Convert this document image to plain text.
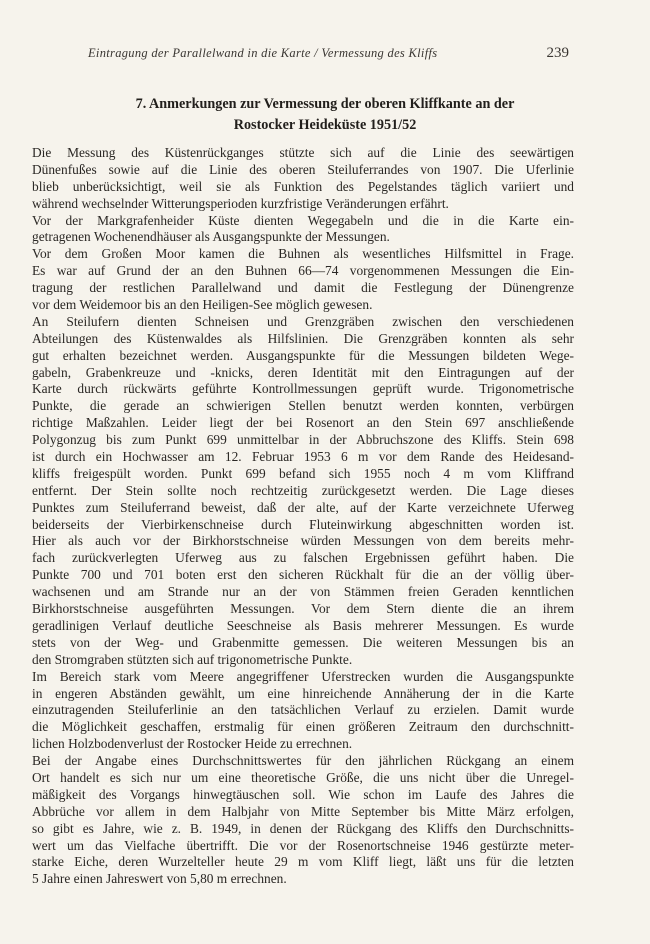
Eintragung der Parallelwand in die Karte / Vermessung des Kliffs	239
7. Anmerkungen zur Vermessung der oberen Kliffkante an der
Rostocker Heideküste 1951/52
Die Messung des Küstenrückganges stützte sich auf die Linie des seewärtigen
Dünenfußes sowie auf die Linie des oberen Steiluferrandes von 1907. Die Uferlinie
blieb unberücksichtigt, weil sie als Funktion des Pegelstandes täglich variiert und
während wechselnder Witterungsperioden kurzfristige Veränderungen erfährt.
Vor der Markgrafenheider Küste dienten Wegegabeln und die in die Karte ein-
getragenen Wochenendhäuser als Ausgangspunkte der Messungen.
Vor dem Großen Moor kamen die Buhnen als wesentliches Hilfsmittel in Frage.
Es war auf Grund der an den Buhnen 66—74 vorgenommenen Messungen die Ein-
tragung der restlichen Parallelwand und damit die Festlegung der Dünengrenze
vor dem Weidemoor bis an den Heiligen-See möglich gewesen.
An Steilufern dienten Schneisen und Grenzgräben zwischen den verschiedenen
Abteilungen des Küstenwaldes als Hilfslinien. Die Grenzgräben konnten als sehr
gut erhalten bezeichnet werden. Ausgangspunkte für die Messungen bildeten Wege-
gabeln, Grabenkreuze und -knicks, deren Identität mit den Eintragungen auf der
Karte durch rückwärts geführte Kontrollmessungen geprüft wurde. Trigonometrische
Punkte, die gerade an schwierigen Stellen benutzt werden konnten, verbürgen
richtige Maßzahlen. Leider liegt der bei Rosenort an den Stein 697 anschließende
Polygonzug bis zum Punkt 699 unmittelbar in der Abbruchszone des Kliffs. Stein 698
ist durch ein Hochwasser am 12. Februar 1953 6 m vor dem Rande des Heidesand-
kliffs freigespült worden. Punkt 699 befand sich 1955 noch 4 m vom Kliffrand
entfernt. Der Stein sollte noch rechtzeitig zurückgesetzt werden. Die Lage dieses
Punktes zum Steiluferrand beweist, daß der alte, auf der Karte verzeichnete Uferweg
beiderseits der Vierbirkenschneise durch Fluteinwirkung abgeschnitten worden ist.
Hier als auch vor der Birkhorstschneise würden Messungen von dem bereits mehr-
fach zurückverlegten Uferweg aus zu falschen Ergebnissen geführt haben. Die
Punkte 700 und 701 boten erst den sicheren Rückhalt für die an der völlig über-
wachsenen und am Strande nur an der von Stämmen freien Geraden kenntlichen
Birkhorstschneise ausgeführten Messungen. Vor dem Stern diente die an ihrem
geradlinigen Verlauf deutliche Seeschneise als Basis mehrerer Messungen. Es wurde
stets von der Weg- und Grabenmitte gemessen. Die weiteren Messungen bis an
den Stromgraben stützten sich auf trigonometrische Punkte.
Im Bereich stark vom Meere angegriffener Uferstrecken wurden die Ausgangspunkte
in engeren Abständen gewählt, um eine hinreichende Annäherung der in die Karte
einzutragenden Steiluferlinie an den tatsächlichen Verlauf zu erzielen. Damit wurde
die Möglichkeit geschaffen, erstmalig für einen größeren Zeitraum den durchschnitt-
lichen Holzbodenverlust der Rostocker Heide zu errechnen.
Bei der Angabe eines Durchschnittswertes für den jährlichen Rückgang an einem
Ort handelt es sich nur um eine theoretische Größe, die uns nicht über die Unregel-
mäßigkeit des Vorgangs hinwegtäuschen soll. Wie schon im Laufe des Jahres die
Abbrüche vor allem in dem Halbjahr von Mitte September bis Mitte März erfolgen,
so gibt es Jahre, wie z. B. 1949, in denen der Rückgang des Kliffs den Durchschnitts-
wert um das Vielfache übertrifft. Die vor der Rosenortschneise 1946 gestürzte meter-
starke Eiche, deren Wurzelteller heute 29 m vom Kliff liegt, läßt uns für die letzten
5 Jahre einen Jahreswert von 5,80 m errechnen.
